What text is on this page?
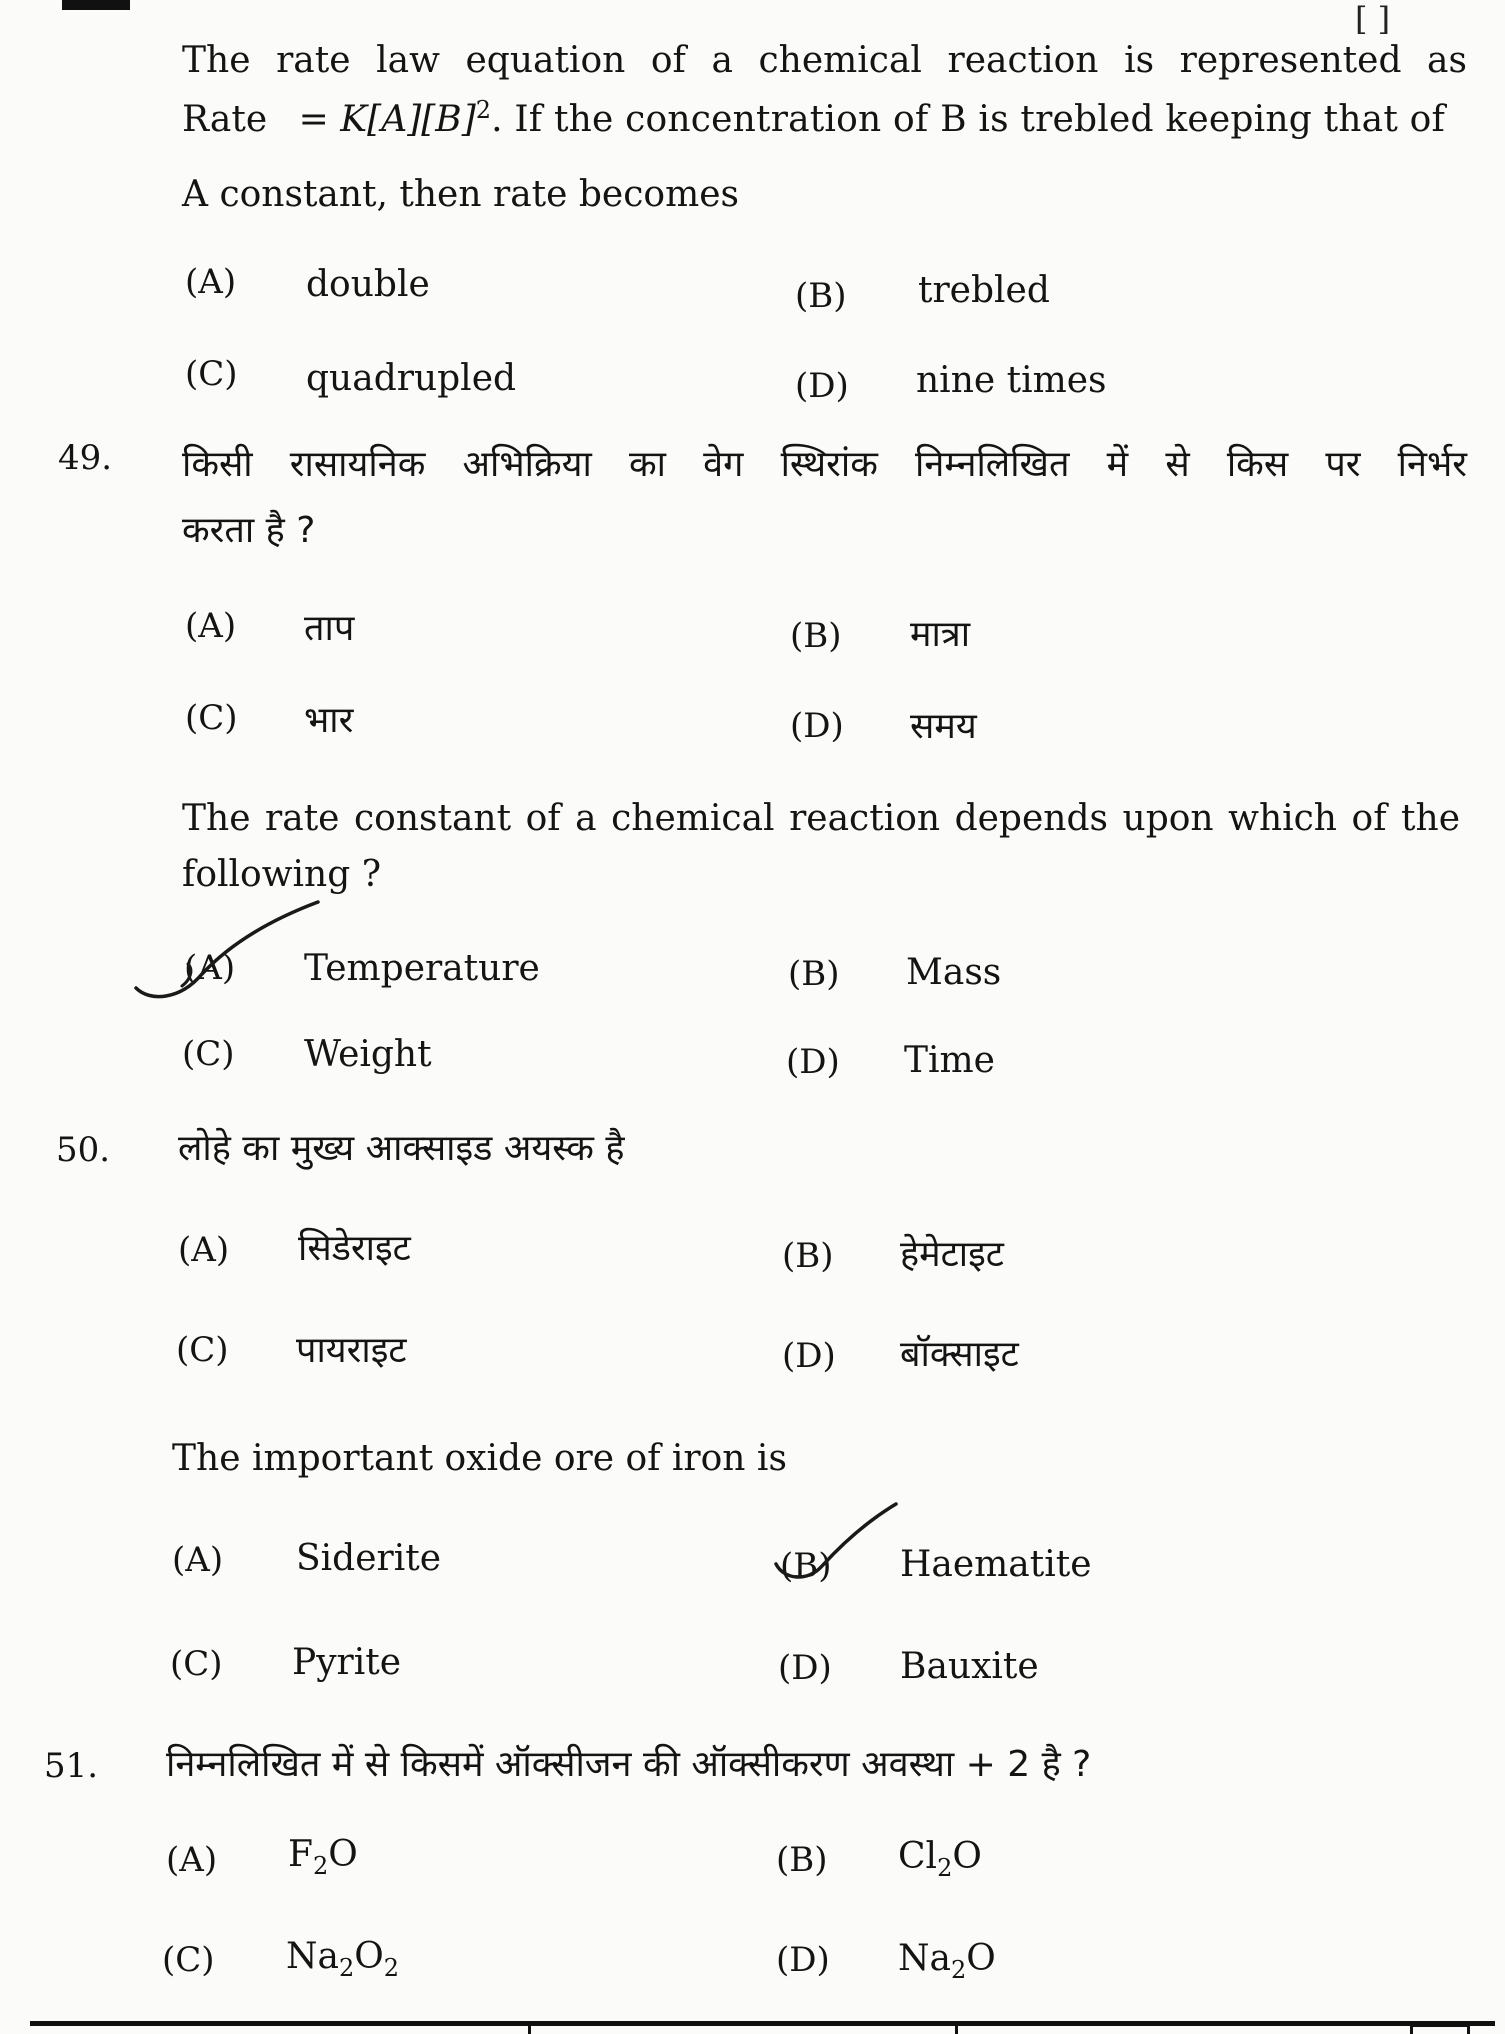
[ ]
The rate law equation of a chemical reaction is represented as
Rate = $K[A][B]^2$. If the concentration of B is trebled keeping that of
A constant, then rate becomes
(A) double	(B) trebled
(C) quadrupled	(D) nine times
49. किसी रासायनिक अभिक्रिया का वेग स्थिरांक निम्नलिखित में से किस पर निर्भर
करता है ?
(A) ताप	(B) मात्रा
(C) भार	(D) समय
The rate constant of a chemical reaction depends upon which of the
following ?
(A) Temperature	(B) Mass
(C) Weight	(D) Time
50. लोहे का मुख्य आक्साइड अयस्क है
(A) सिडेराइट	(B) हेमेटाइट
(C) पायराइट	(D) बॉक्साइट
The important oxide ore of iron is
(A) Siderite	(B) Haematite
(C) Pyrite	(D) Bauxite
51. निम्नलिखित में से किसमें ऑक्सीजन की ऑक्सीकरण अवस्था + 2 है ?
(A) $F_2O$	(B) $Cl_2O$
(C) $Na_2O_2$	(D) $Na_2O$
